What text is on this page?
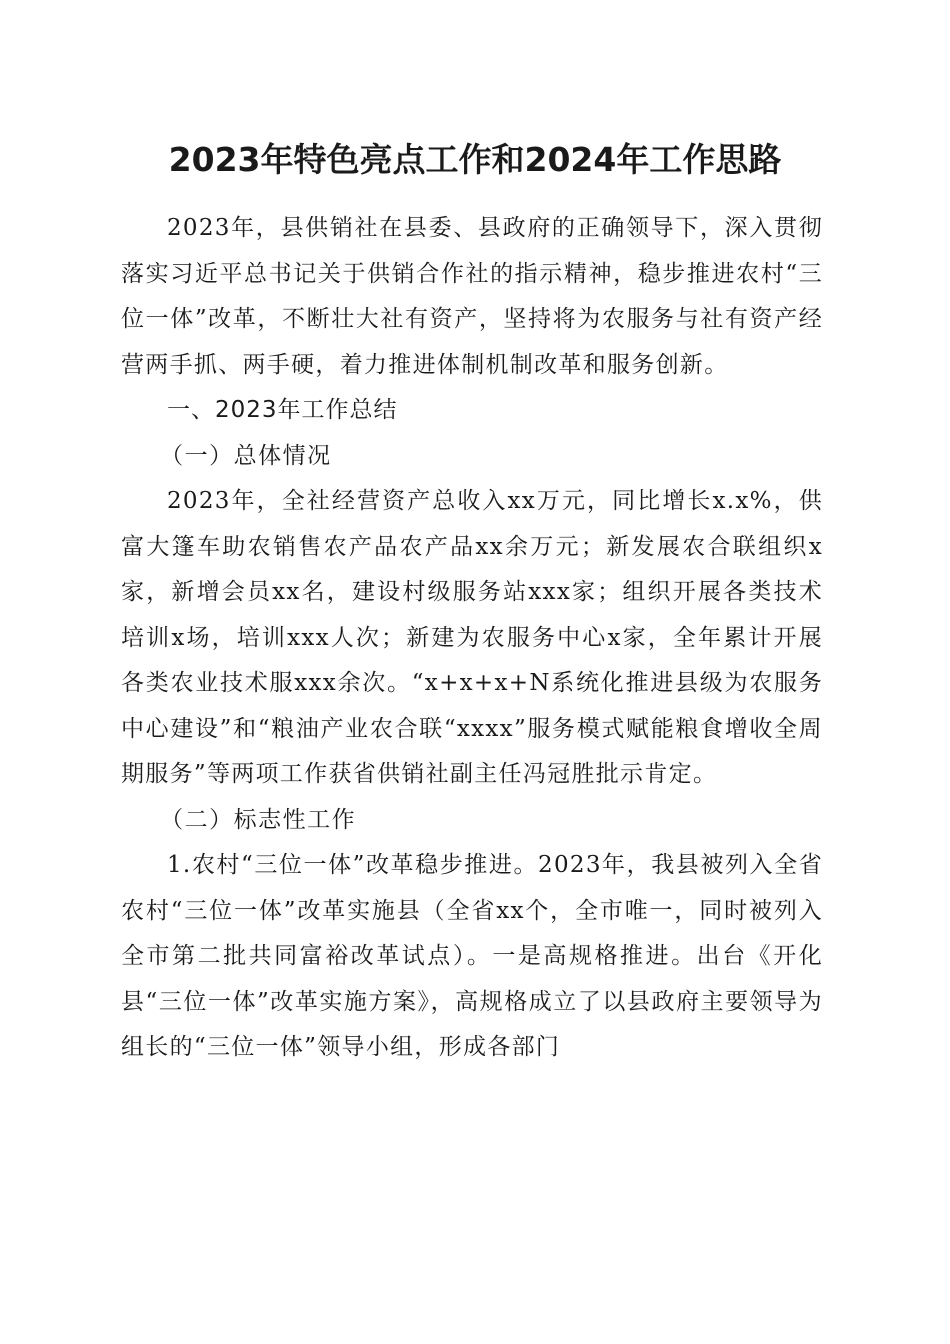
2023年特色亮点工作和2024年工作思路

2023年，县供销社在县委、县政府的正确领导下，深入贯彻落实习近平总书记关于供销合作社的指示精神，稳步推进农村“三位一体”改革，不断壮大社有资产，坚持将为农服务与社有资产经营两手抓、两手硬，着力推进体制机制改革和服务创新。

一、2023年工作总结

（一）总体情况

2023年，全社经营资产总收入xx万元，同比增长x.x%，供富大篷车助农销售农产品农产品xx余万元；新发展农合联组织x家，新增会员xx名，建设村级服务站xxx家；组织开展各类技术培训x场，培训xxx人次；新建为农服务中心x家，全年累计开展各类农业技术服xxx余次。“x+x+x+N系统化推进县级为农服务中心建设”和“粮油产业农合联“xxxx”服务模式赋能粮食增收全周期服务”等两项工作获省供销社副主任冯冠胜批示肯定。

（二）标志性工作

1.农村“三位一体”改革稳步推进。2023年，我县被列入全省农村“三位一体”改革实施县（全省xx个，全市唯一，同时被列入全市第二批共同富裕改革试点）。一是高规格推进。出台《开化县“三位一体”改革实施方案》，高规格成立了以县政府主要领导为组长的“三位一体”领导小组，形成各部门
